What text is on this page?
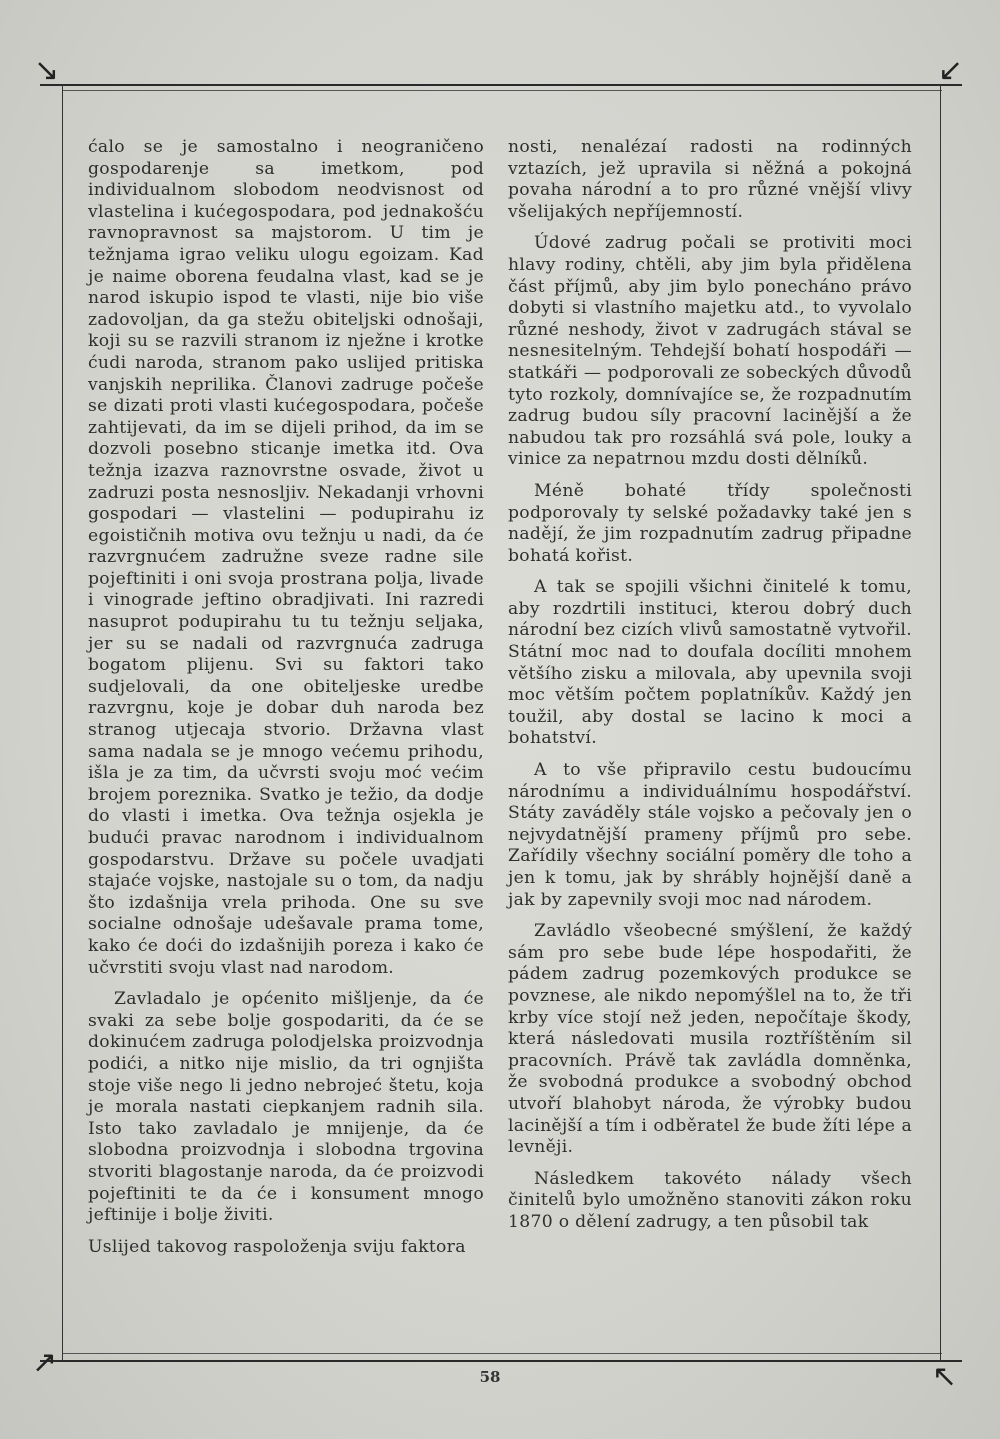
↘	↙
↗	↖

ćalo se je samostalno i neograničeno gospodarenje sa imetkom, pod individualnom slobodom neodvisnost od vlastelina i kućegospodara, pod jednakošću ravnopravnost sa majstorom. U tim je težnjama igrao veliku ulogu egoizam. Kad je naime oborena feudalna vlast, kad se je narod iskupio ispod te vlasti, nije bio više zadovoljan, da ga stežu obiteljski odnošaji, koji su se razvili stranom iz nježne i krotke ćudi naroda, stranom pako uslijed pritiska vanjskih neprilika. Članovi zadruge počeše se dizati proti vlasti kućegospodara, počeše zahtijevati, da im se dijeli prihod, da im se dozvoli posebno sticanje imetka itd. Ova težnja izazva raznovrstne osvade, život u zadruzi posta nesnosljiv. Nekadanji vrhovni gospodari — vlastelini — podupirahu iz egoističnih motiva ovu težnju u nadi, da će razvrgnućem zadružne sveze radne sile pojeftiniti i oni svoja prostrana polja, livade i vinograde jeftino obradjivati. Ini razredi nasuprot podupirahu tu tu težnju seljaka, jer su se nadali od razvrgnuća zadruga bogatom plijenu. Svi su faktori tako sudjelovali, da one obiteljeske uredbe razvrgnu, koje je dobar duh naroda bez stranog utjecaja stvorio. Državna vlast sama nadala se je mnogo većemu prihodu, išla je za tim, da učvrsti svoju moć većim brojem poreznika. Svatko je težio, da dodje do vlasti i imetka. Ova težnja osjekla je budući pravac narodnom i individualnom gospodarstvu. Države su počele uvadjati stajaće vojske, nastojale su o tom, da nadju što izdašnija vrela prihoda. One su sve socialne odnošaje udešavale prama tome, kako će doći do izdašnijih poreza i kako će učvrstiti svoju vlast nad narodom.

Zavladalo je općenito mišljenje, da će svaki za sebe bolje gospodariti, da će se dokinućem zadruga polodjelska proizvodnja podići, a nitko nije mislio, da tri ognjišta stoje više nego li jedno nebrojeć štetu, koja je morala nastati ciepkanjem radnih sila. Isto tako zavladalo je mnijenje, da će slobodna proizvodnja i slobodna trgovina stvoriti blagostanje naroda, da će proizvodi pojeftiniti te da će i konsument mnogo jeftinije i bolje živiti.

Uslijed takovog raspoloženja sviju faktora

nosti, nenalézaí radosti na rodinných vztazích, jež upravila si něžná a pokojná povaha národní a to pro různé vnější vlivy všelijakých nepříjemností.

Údové zadrug počali se protiviti moci hlavy rodiny, chtěli, aby jim byla přidělena část příjmů, aby jim bylo ponecháno právo dobyti si vlastního majetku atd., to vyvolalo různé neshody, život v zadrugách stával se nesnesitelným. Tehdejší bohatí hospodáři — statkáři — podporovali ze sobeckých důvodů tyto rozkoly, domnívajíce se, že rozpadnutím zadrug budou síly pracovní lacinější a že nabudou tak pro rozsáhlá svá pole, louky a vinice za nepatrnou mzdu dosti dělníků.

Méně bohaté třídy společnosti podporovaly ty selské požadavky také jen s nadějí, že jim rozpadnutím zadrug připadne bohatá kořist.

A tak se spojili všichni činitelé k tomu, aby rozdrtili instituci, kterou dobrý duch národní bez cizích vlivů samostatně vytvořil. Státní moc nad to doufala docíliti mnohem většího zisku a milovala, aby upevnila svoji moc větším počtem poplatníkův. Každý jen toužil, aby dostal se lacino k moci a bohatství.

A to vše připravilo cestu budoucímu národnímu a individuálnímu hospodářství. Státy zaváděly stále vojsko a pečovaly jen o nejvydatnější prameny příjmů pro sebe. Zařídily všechny sociální poměry dle toho a jen k tomu, jak by shrábly hojnější daně a jak by zapevnily svoji moc nad národem.

Zavládlo všeobecné smýšlení, že každý sám pro sebe bude lépe hospodařiti, že pádem zadrug pozemkových produkce se povznese, ale nikdo nepomýšlel na to, že tři krby více stojí než jeden, nepočítaje škody, která následovati musila roztříštěním sil pracovních. Právě tak zavládla domněnka, že svobodná produkce a svobodný obchod utvoří blahobyt národa, že výrobky budou lacinější a tím i odběratel že bude žíti lépe a levněji.

Následkem takovéto nálady všech činitelů bylo umožněno stanoviti zákon roku 1870 o dělení zadrugy, a ten působil tak

58
